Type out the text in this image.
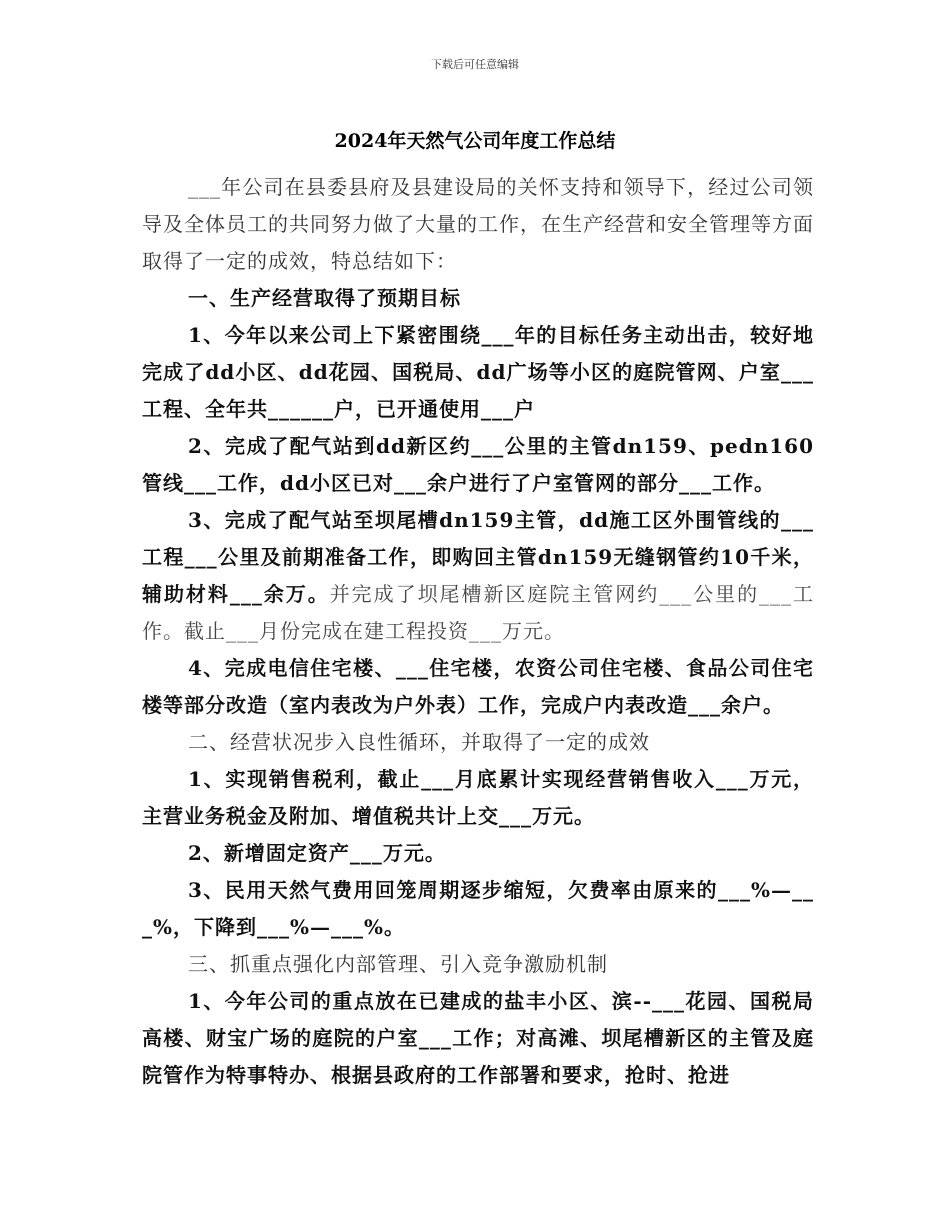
下载后可任意编辑
2024年天然气公司年度工作总结

___年公司在县委县府及县建设局的关怀支持和领导下，经过公司领导及全体员工的共同努力做了大量的工作，在生产经营和安全管理等方面取得了一定的成效，特总结如下：

一、生产经营取得了预期目标

1、今年以来公司上下紧密围绕___年的目标任务主动出击，较好地完成了dd小区、dd花园、国税局、dd广场等小区的庭院管网、户室___工程、全年共______户，已开通使用___户

2、完成了配气站到dd新区约___公里的主管dn159、pedn160管线___工作，dd小区已对___余户进行了户室管网的部分___工作。

3、完成了配气站至坝尾槽dn159主管，dd施工区外围管线的___工程___公里及前期准备工作，即购回主管dn159无缝钢管约10千米，辅助材料___余万。并完成了坝尾槽新区庭院主管网约___公里的___工作。截止___月份完成在建工程投资___万元。

4、完成电信住宅楼、___住宅楼，农资公司住宅楼、食品公司住宅楼等部分改造（室内表改为户外表）工作，完成户内表改造___余户。

二、经营状况步入良性循环，并取得了一定的成效

1、实现销售税利，截止___月底累计实现经营销售收入___万元，主营业务税金及附加、增值税共计上交___万元。

2、新增固定资产___万元。

3、民用天然气费用回笼周期逐步缩短，欠费率由原来的___%—___%，下降到___%—___%。

三、抓重点强化内部管理、引入竞争激励机制

1、今年公司的重点放在已建成的盐丰小区、滨--___花园、国税局高楼、财宝广场的庭院的户室___工作；对高滩、坝尾槽新区的主管及庭院管作为特事特办、根据县政府的工作部署和要求，抢时、抢进
